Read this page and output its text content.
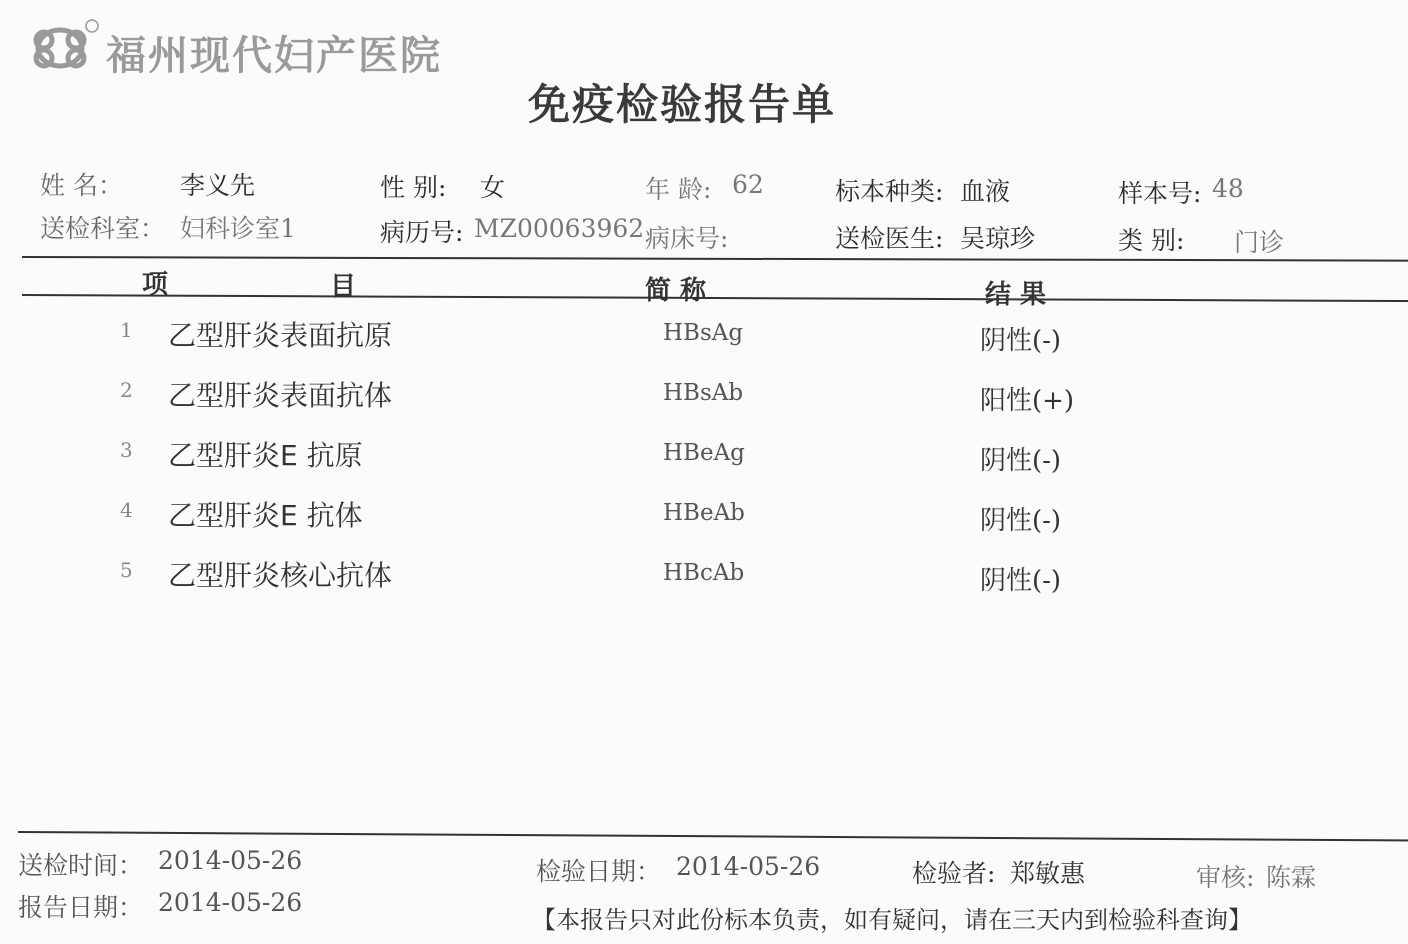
福州现代妇产医院
免疫检验报告单
姓 名： 李义先	性 别: 女	年 龄: 62	标本种类: 血液	样本号: 48
送检科室： 妇科诊室1	病历号: MZ00063962 病床号:	送检医生: 吴琼珍	类 别: 门诊
项	目	简 称	结 果
1 乙型肝炎表面抗原	HBsAg	阴性(-)
2 乙型肝炎表面抗体	HBsAb	阳性(+)
3 乙型肝炎E 抗原	HBeAg	阴性(-)
4 乙型肝炎E 抗体	HBeAb	阴性(-)
5 乙型肝炎核心抗体	HBcAb	阴性(-)
送检时间： 2014-05-26
报告日期： 2014-05-26
检验日期： 2014-05-26	检验者: 郑敏惠	审核: 陈霖
【本报告只对此份标本负责，如有疑问，请在三天内到检验科查询】
